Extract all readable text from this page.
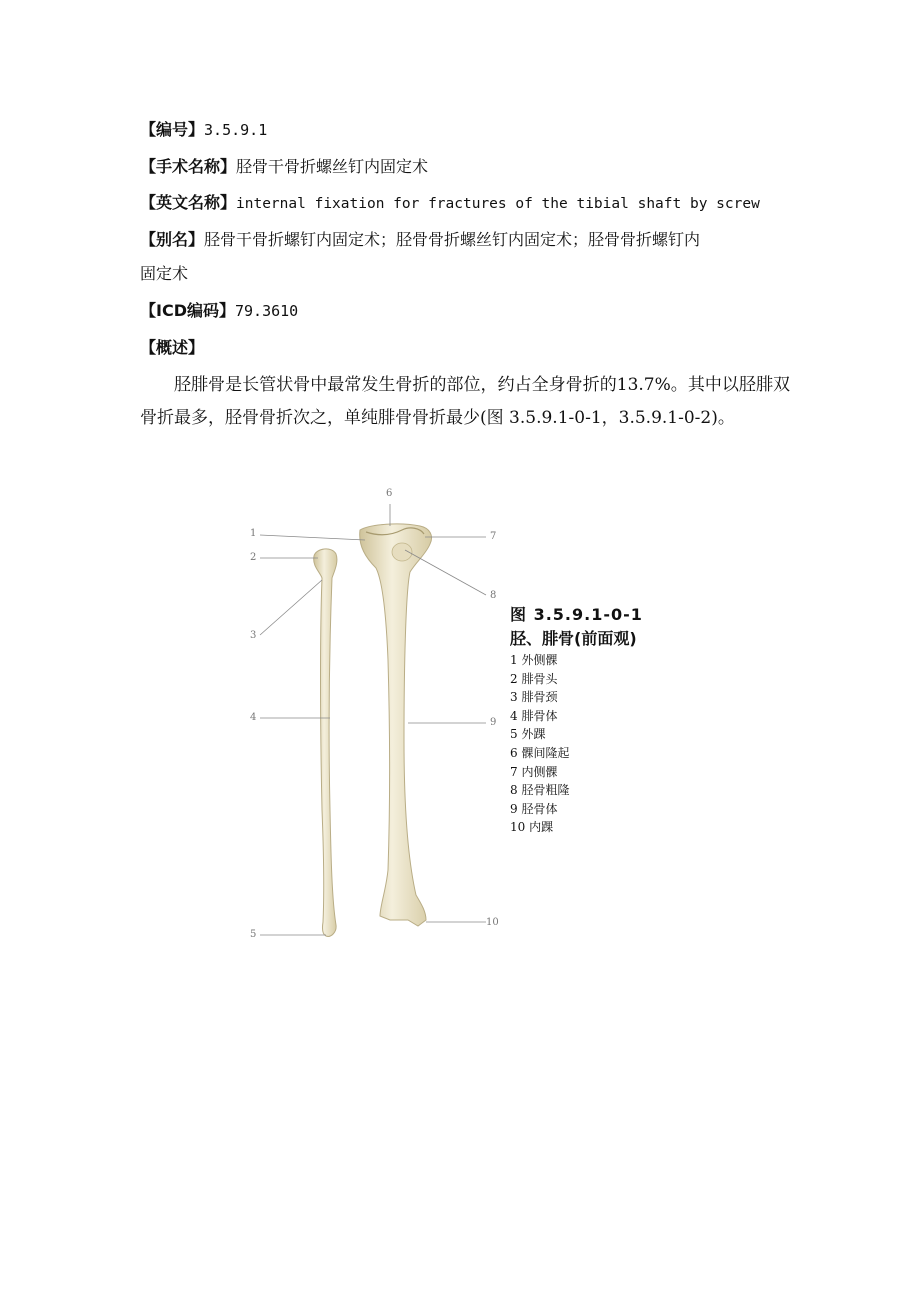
【编号】3.5.9.1
【手术名称】胫骨干骨折螺丝钉内固定术
【英文名称】internal fixation for fractures of the tibial shaft by screw
【别名】胫骨干骨折螺钉内固定术；胫骨骨折螺丝钉内固定术；胫骨骨折螺钉内
固定术
【ICD编码】79.3610
【概述】

胫腓骨是长管状骨中最常发生骨折的部位，约占全身骨折的13.7%。其中以胫腓双骨折最多，胫骨骨折次之，单纯腓骨骨折最少(图 3.5.9.1-0-1，3.5.9.1-0-2)。

1
2
3
4
5
6
7
8
9
10
图 3.5.9.1-0-1
胫、腓骨(前面观)
1 外侧髁
2 腓骨头
3 腓骨颈
4 腓骨体
5 外踝
6 髁间隆起
7 内侧髁
8 胫骨粗隆
9 胫骨体
10 内踝
